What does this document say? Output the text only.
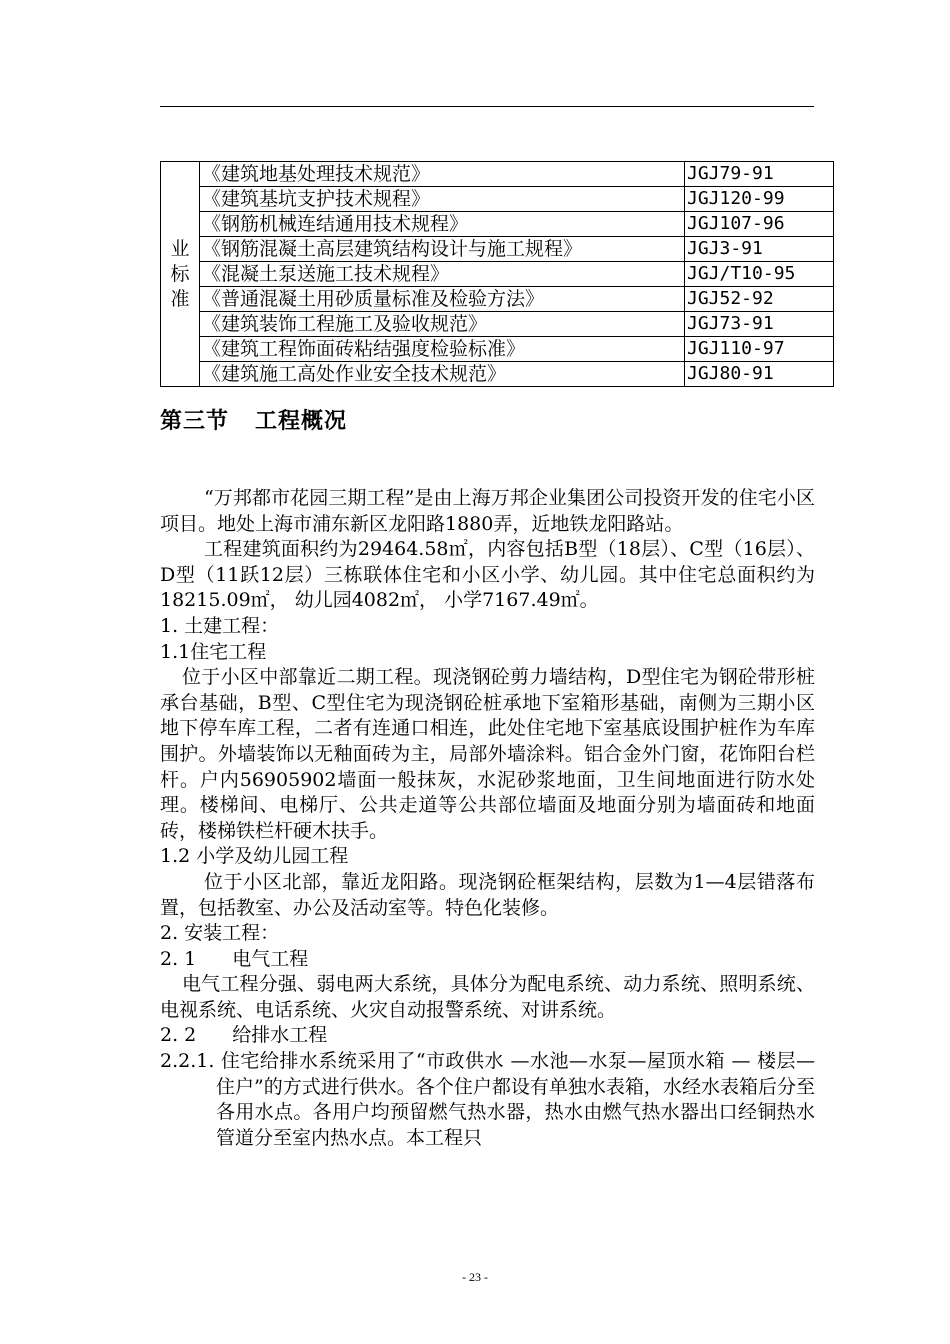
业标准	《建筑地基处理技术规范》	JGJ79-91
	《建筑基坑支护技术规程》	JGJ120-99
	《钢筋机械连结通用技术规程》	JGJ107-96
	《钢筋混凝土高层建筑结构设计与施工规程》	JGJ3-91
	《混凝土泵送施工技术规程》	JGJ/T10-95
	《普通混凝土用砂质量标准及检验方法》	JGJ52-92
	《建筑装饰工程施工及验收规范》	JGJ73-91
	《建筑工程饰面砖粘结强度检验标准》	JGJ110-97
	《建筑施工高处作业安全技术规范》	JGJ80-91
第三节 工程概况

“万邦都市花园三期工程”是由上海万邦企业集团公司投资开发的住宅小区项目。地处上海市浦东新区龙阳路1880弄，近地铁龙阳路站。

工程建筑面积约为29464.58㎡，内容包括B型（18层）、C型（16层）、D型（11跃12层）三栋联体住宅和小区小学、幼儿园。其中住宅总面积约为18215.09㎡， 幼儿园4082㎡， 小学7167.49㎡。

1. 土建工程：

1.1住宅工程

位于小区中部靠近二期工程。现浇钢砼剪力墙结构，D型住宅为钢砼带形桩承台基础，B型、C型住宅为现浇钢砼桩承地下室箱形基础，南侧为三期小区地下停车库工程，二者有连通口相连，此处住宅地下室基底设围护桩作为车库围护。外墙装饰以无釉面砖为主，局部外墙涂料。铝合金外门窗，花饰阳台栏杆。户内56905902墙面一般抹灰，水泥砂浆地面，卫生间地面进行防水处理。楼梯间、电梯厅、公共走道等公共部位墙面及地面分别为墙面砖和地面砖，楼梯铁栏杆硬木扶手。

1.2 小学及幼儿园工程

位于小区北部，靠近龙阳路。现浇钢砼框架结构，层数为1—4层错落布置，包括教室、办公及活动室等。特色化装修。

2. 安装工程：

2. 1 电气工程

电气工程分强、弱电两大系统，具体分为配电系统、动力系统、照明系统、电视系统、电话系统、火灾自动报警系统、对讲系统。

2. 2 给排水工程

2.2.1. 住宅给排水系统采用了“市政供水 —水池—水泵—屋顶水箱 — 楼层—住户”的方式进行供水。各个住户都设有单独水表箱，水经水表箱后分至各用水点。各用户均预留燃气热水器，热水由燃气热水器出口经铜热水管道分至室内热水点。本工程只

- 23 -
